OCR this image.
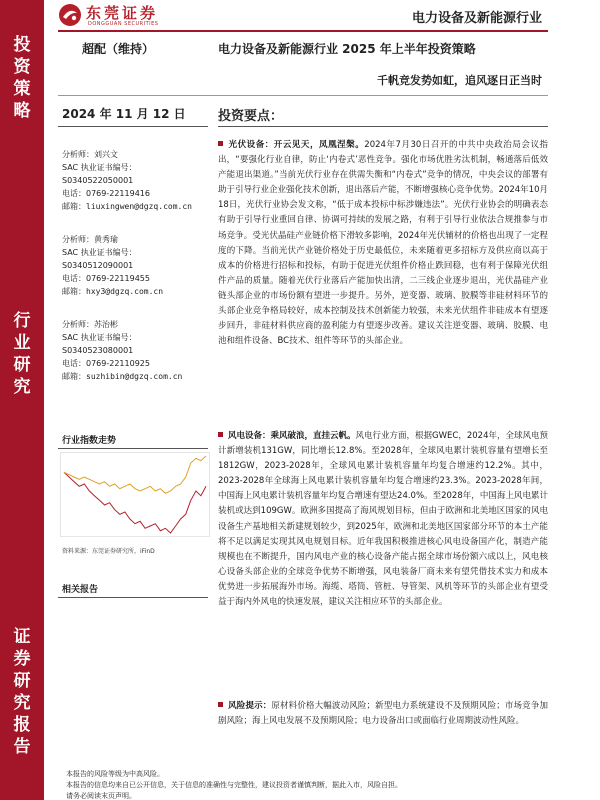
投
资
策
略
行
业
研
究
证
券
研
究
报
告
东莞证券
DONGGUAN SECURITIES	电力设备及新能源行业
超配（维持）	电力设备及新能源行业 2025 年上半年投资策略
千帆竞发势如虹，追风逐日正当时
2024 年 11 月 12 日 投资要点：
分析师：刘兴文
SAC 执业证书编号：
S0340522050001
电话：0769-22119416
邮箱：liuxingwen@dgzq.com.cn
分析师：黄秀瑜
SAC 执业证书编号：
S0340512090001
电话：0769-22119455
邮箱：hxy3@dgzq.com.cn
分析师：苏治彬
SAC 执业证书编号：
S0340523080001
电话：0769-22110925
邮箱：suzhibin@dgzq.com.cn
行业指数走势
资料来源：东莞证券研究所，iFinD
相关报告
光伏设备：开云见天，凤凰涅槃。2024年7月30日召开的中共中央政治局会议指出，“要强化行业自律，防止‘内卷式’恶性竞争。强化市场优胜劣汰机制，畅通落后低效产能退出渠道。”当前光伏行业存在供需失衡和“内卷式”竞争的情况，中央会议的部署有助于引导行业企业强化技术创新，退出落后产能，不断增强核心竞争优势。2024年10月18日，光伏行业协会发文称，“低于成本投标中标涉嫌违法”。光伏行业协会的明确表态有助于引导行业重回自律、协调可持续的发展之路，有利于引导行业依法合规推参与市场竞争。受光伏晶硅产业链价格下滑较多影响，2024年光伏辅材的价格也出现了一定程度的下降。当前光伏产业链价格处于历史最低位，未来随着更多招标方及供应商以高于成本的价格进行招标和投标，有助于促进光伏组件价格止跌回稳，也有利于保障光伏组件产品的质量。随着光伏行业落后产能加快出清，二三线企业逐步退出，光伏晶硅产业链头部企业的市场份额有望进一步提升。另外，逆变器、玻璃、胶膜等非硅材料环节的头部企业竞争格局较好，成本控制及技术创新能力较强，未来光伏组件非硅成本有望逐步回升，非硅材料供应商的盈利能力有望逐步改善。建议关注逆变器、玻璃、胶膜、电池和组件设备、BC技术、组件等环节的头部企业。
风电设备：乘风破浪，直挂云帆。风电行业方面，根据GWEC，2024年，全球风电预计新增装机131GW，同比增长12.8%。至2028年，全球风电累计装机容量有望增长至1812GW，2023-2028年，全球风电累计装机容量年均复合增速约12.2%。其中，2023-2028年全球海上风电累计装机容量年均复合增速约23.3%。2023-2028年间，中国海上风电累计装机容量年均复合增速有望达24.0%。至2028年，中国海上风电累计装机或达到109GW。欧洲多国提高了海风规划目标，但由于欧洲和北美地区国家的风电设备生产基地相关新建规划较少，到2025年，欧洲和北美地区国家部分环节的本土产能将不足以满足实现其风电规划目标。近年我国积极推进核心风电设备国产化，制造产能规模也在不断提升，国内风电产业的核心设备产能占据全球市场份额六成以上，风电核心设备头部企业的全球竞争优势不断增强，风电装备厂商未来有望凭借技术实力和成本优势进一步拓展海外市场。海缆、塔筒、管桩、导管架、风机等环节的头部企业有望受益于海内外风电的快速发展，建议关注相应环节的头部企业。
风险提示：原材料价格大幅波动风险；新型电力系统建设不及预期风险；市场竞争加剧风险；海上风电发展不及预期风险；电力设备出口或面临行业周期波动性风险。
本报告的风险等级为中高风险。
本报告的信息均来自已公开信息，关于信息的准确性与完整性，建议投资者谨慎判断，据此入市，风险自担。
请务必阅读末页声明。
